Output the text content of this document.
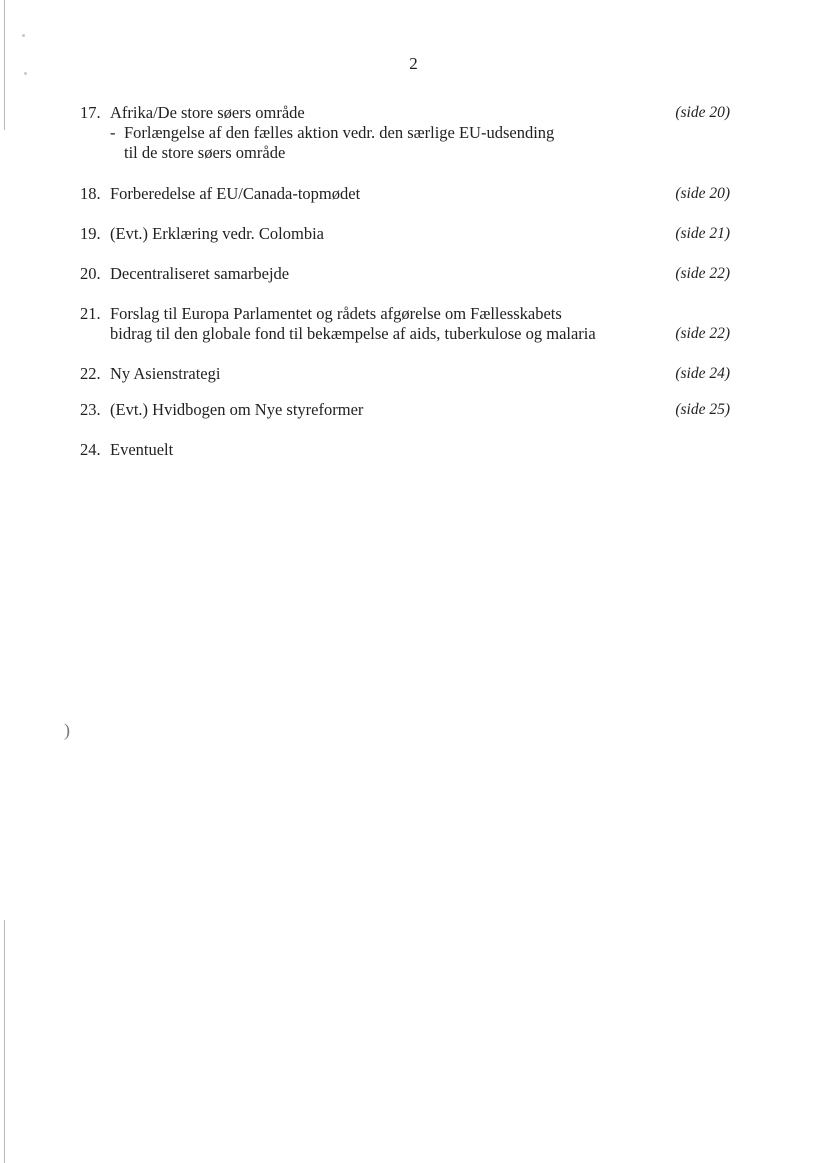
2
17. Afrika/De store søers område	(side 20)
- Forlængelse af den fælles aktion vedr. den særlige EU-udsending
til de store søers område
18. Forberedelse af EU/Canada-topmødet	(side 20)
19. (Evt.) Erklæring vedr. Colombia	(side 21)
20. Decentraliseret samarbejde	(side 22)
21. Forslag til Europa Parlamentet og rådets afgørelse om Fællesskabets
bidrag til den globale fond til bekæmpelse af aids, tuberkulose og malaria	(side 22)
22. Ny Asienstrategi	(side 24)
23. (Evt.) Hvidbogen om Nye styreformer	(side 25)
24. Eventuelt
)
